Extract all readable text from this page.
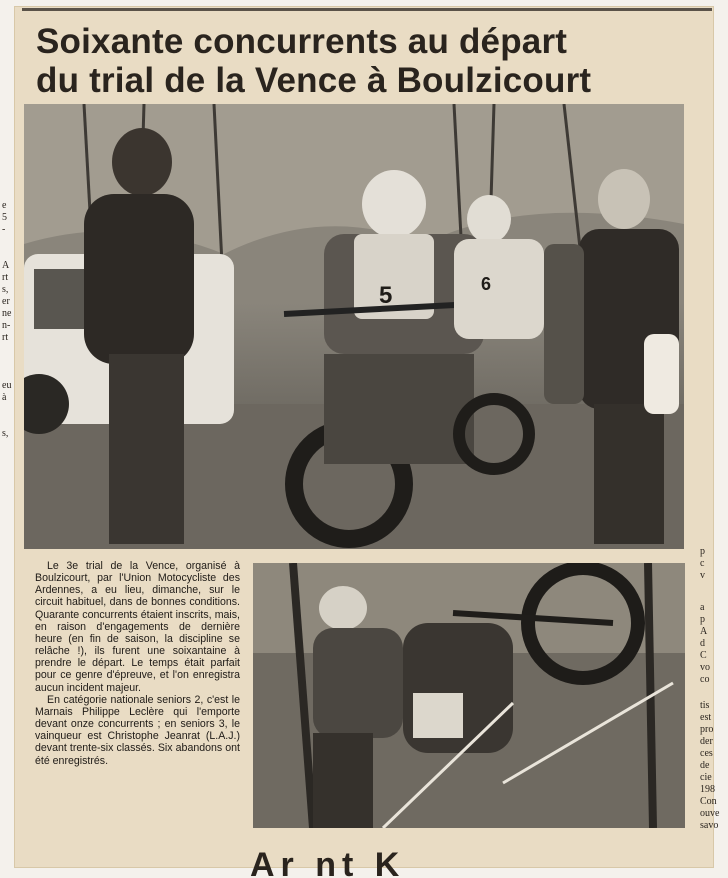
Soixante concurrents au départ
du trial de la Vence à Boulzicourt
5	6

Le 3e trial de la Vence, organisé à Boulzicourt, par l'Union Motocycliste des Ardennes, a eu lieu, dimanche, sur le circuit habituel, dans de bonnes conditions. Quarante concurrents étaient inscrits, mais, en raison d'engagements de dernière heure (en fin de saison, la discipline se relâche !), ils furent une soixantaine à prendre le départ. Le temps était parfait pour ce genre d'épreuve, et l'on enregistra aucun incident majeur.

En catégorie nationale seniors 2, c'est le Marnais Philippe Leclère qui l'emporte devant onze concurrents ; en seniors 3, le vainqueur est Christophe Jeanrat (L.A.J.) devant trente-six classés. Six abandons ont été enregistrés.

e
5
-
A
rt
s,
er
ne
n-
rt
eu
à
s,
p
c
v
a
p
A
d
C
vo
co
tis
est
pro
der
ces
de
cie
198
Con
ouve
savo
Ar nt K
